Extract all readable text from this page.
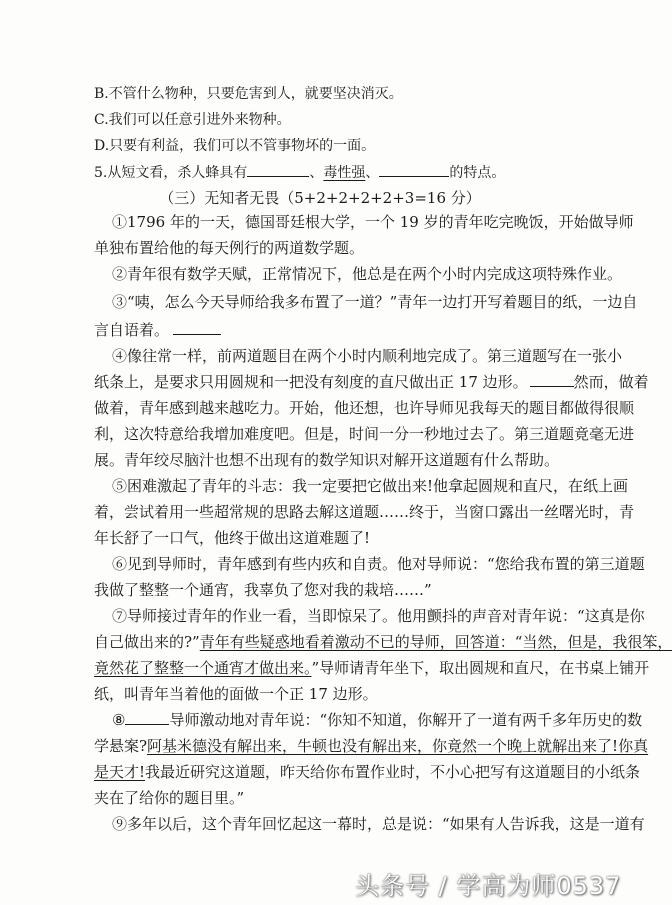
B.不管什么物种，只要危害到人，就要坚决消灭。
C.我们可以任意引进外来物种。
D.只要有利益，我们可以不管事物坏的一面。
5.从短文看，杀人蜂具有	、毒性强、	的特点。
（三）无知者无畏（5+2+2+2+2+3=16 分）
①1796 年的一天，德国哥廷根大学，一个 19 岁的青年吃完晚饭，开始做导师
单独布置给他的每天例行的两道数学题。
②青年很有数学天赋，正常情况下，他总是在两个小时内完成这项特殊作业。
③“咦，怎么今天导师给我多布置了一道？”青年一边打开写着题目的纸，一边自
言自语着。
④像往常一样，前两道题目在两个小时内顺利地完成了。第三道题写在一张小
纸条上，是要求只用圆规和一把没有刻度的直尺做出正 17 边形。	然而，做着
做着，青年感到越来越吃力。开始，他还想，也许导师见我每天的题目都做得很顺
利，这次特意给我增加难度吧。但是，时间一分一秒地过去了。第三道题竟毫无进
展。青年绞尽脑汁也想不出现有的数学知识对解开这道题有什么帮助。
⑤困难激起了青年的斗志：我一定要把它做出来!他拿起圆规和直尺，在纸上画
着，尝试着用一些超常规的思路去解这道题……终于，当窗口露出一丝曙光时，青
年长舒了一口气，他终于做出这道难题了!
⑥见到导师时，青年感到有些内疚和自责。他对导师说：“您给我布置的第三道题
我做了整整一个通宵，我辜负了您对我的栽培……”
⑦导师接过青年的作业一看，当即惊呆了。他用颤抖的声音对青年说：“这真是你
自己做出来的?”青年有些疑惑地看着激动不已的导师，回答道：“当然，但是，我很笨，
竟然花了整整一个通宵才做出来。”导师请青年坐下，取出圆规和直尺，在书桌上铺开
纸，叫青年当着他的面做一个正 17 边形。
⑧	导师激动地对青年说：“你知不知道，你解开了一道有两千多年历史的数
学悬案?阿基米德没有解出来，牛顿也没有解出来，你竟然一个晚上就解出来了!你真
是天才!我最近研究这道题，昨天给你布置作业时，不小心把写有这道题目的小纸条
夹在了给你的题目里。”
⑨多年以后，这个青年回忆起这一幕时，总是说：“如果有人告诉我，这是一道有
头条号 / 学高为师0537
